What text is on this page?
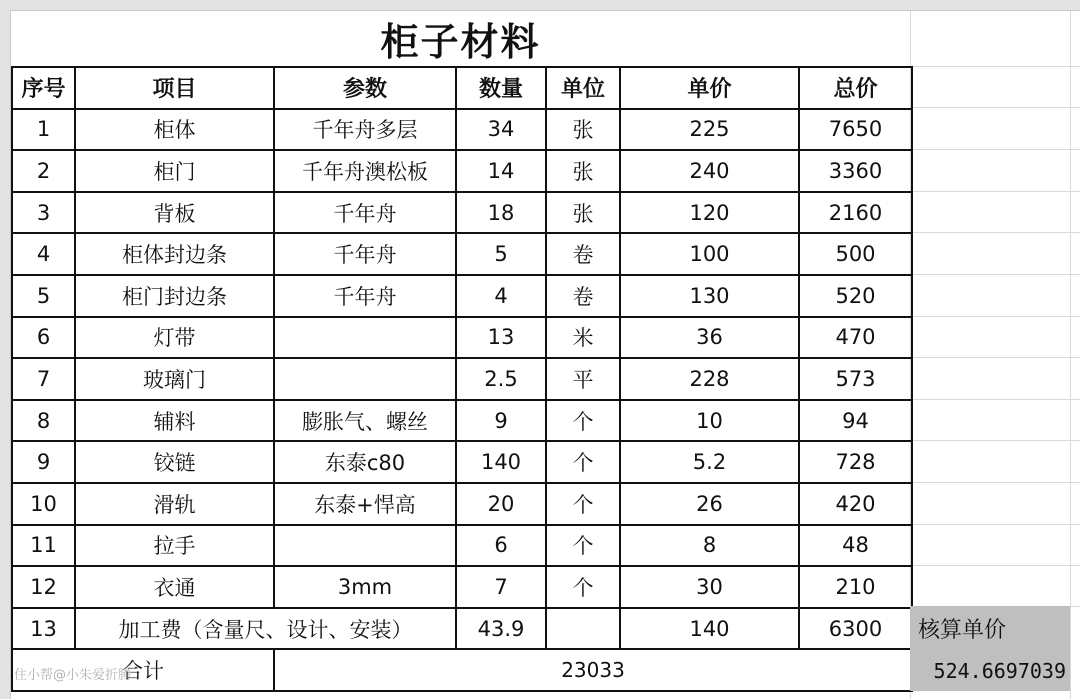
柜子材料
序号	项目	参数	数量	单位	单价	总价
1	柜体	千年舟多层	34	张	225	7650
2	柜门	千年舟澳松板	14	张	240	3360
3	背板	千年舟	18	张	120	2160
4	柜体封边条	千年舟	5	卷	100	500
5	柜门封边条	千年舟	4	卷	130	520
6	灯带		13	米	36	470
7	玻璃门		2.5	平	228	573
8	辅料	膨胀气、螺丝	9	个	10	94
9	铰链	东泰c80	140	个	5.2	728
10	滑轨	东泰+悍高	20	个	26	420
11	拉手		6	个	8	48
12	衣通	3mm	7	个	30	210
13	加工费（含量尺、设计、安装）		43.9		140	6300
合计		23033				
核算单价
524.6697039
住小帮@小朱爱折腾
